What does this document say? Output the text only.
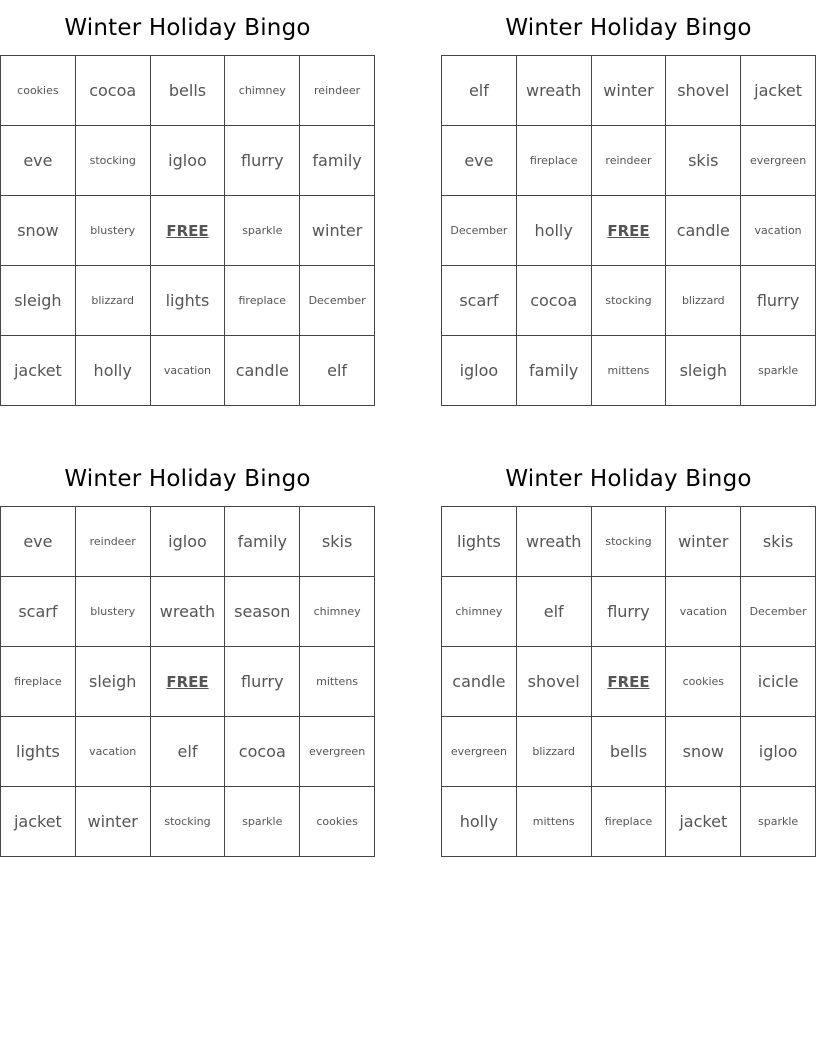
Winter Holiday Bingo
cookies	cocoa	bells	chimney	reindeer
eve	stocking	igloo	flurry	family
snow	blustery	FREE	sparkle	winter
sleigh	blizzard	lights	fireplace	December
jacket	holly	vacation	candle	elf
Winter Holiday Bingo
elf	wreath	winter	shovel	jacket
eve	fireplace	reindeer	skis	evergreen
December	holly	FREE	candle	vacation
scarf	cocoa	stocking	blizzard	flurry
igloo	family	mittens	sleigh	sparkle
Winter Holiday Bingo
eve	reindeer	igloo	family	skis
scarf	blustery	wreath	season	chimney
fireplace	sleigh	FREE	flurry	mittens
lights	vacation	elf	cocoa	evergreen
jacket	winter	stocking	sparkle	cookies
Winter Holiday Bingo
lights	wreath	stocking	winter	skis
chimney	elf	flurry	vacation	December
candle	shovel	FREE	cookies	icicle
evergreen	blizzard	bells	snow	igloo
holly	mittens	fireplace	jacket	sparkle
